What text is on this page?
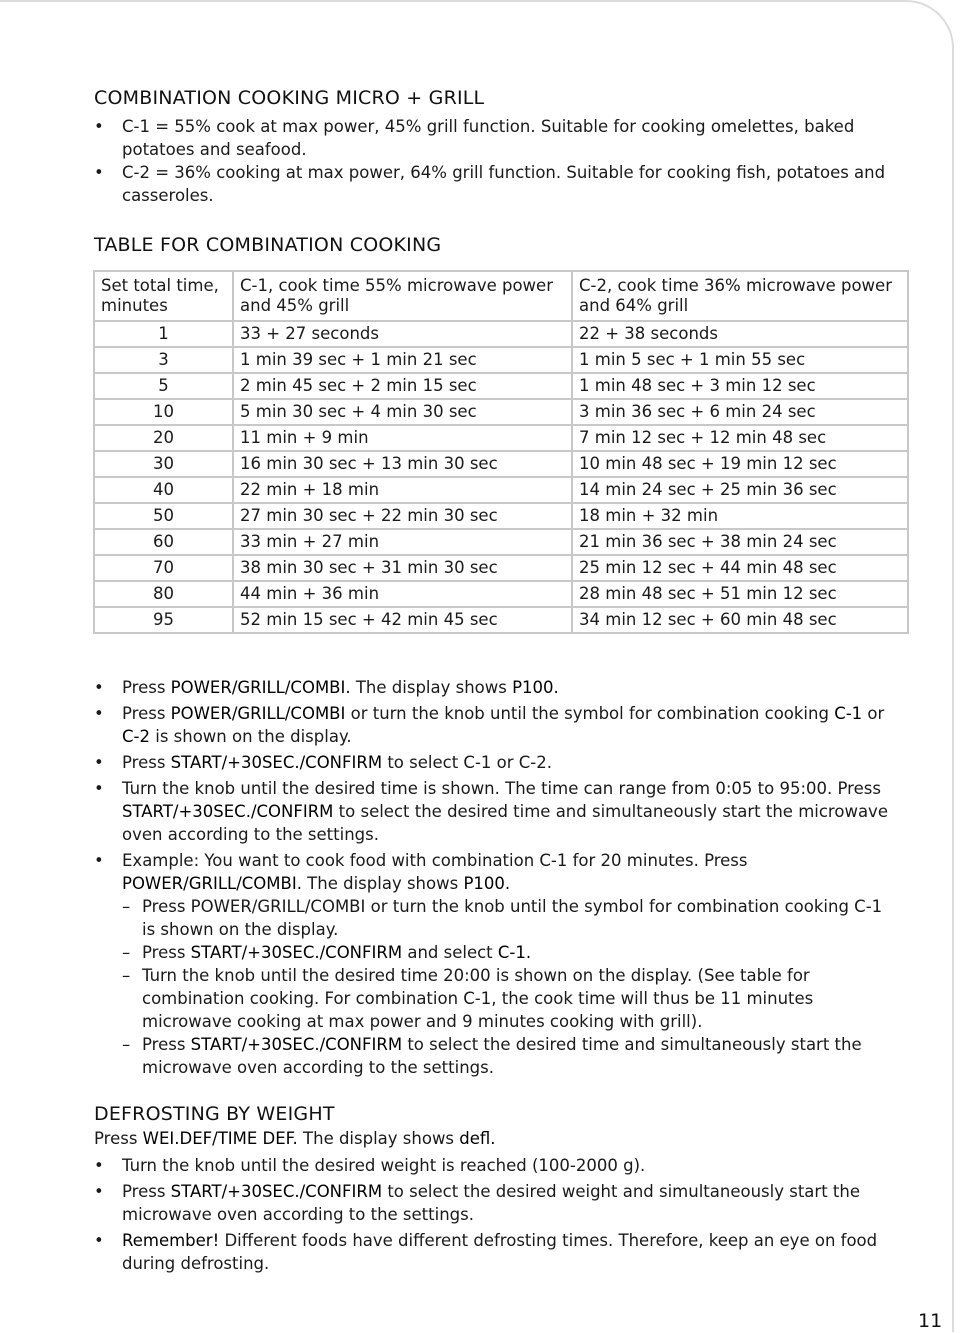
COMBINATION COOKING MICRO + GRILL
• C-1 = 55% cook at max power, 45% grill function. Suitable for cooking omelettes, baked potatoes and seafood.
• C-2 = 36% cooking at max power, 64% grill function. Suitable for cooking fish, potatoes and casseroles.
TABLE FOR COMBINATION COOKING
Set total time, minutes	C-1, cook time 55% microwave power and 45% grill	C-2, cook time 36% microwave power and 64% grill
1	33 + 27 seconds	22 + 38 seconds
3	1 min 39 sec + 1 min 21 sec	1 min 5 sec + 1 min 55 sec
5	2 min 45 sec + 2 min 15 sec	1 min 48 sec + 3 min 12 sec
10	5 min 30 sec + 4 min 30 sec	3 min 36 sec + 6 min 24 sec
20	11 min + 9 min	7 min 12 sec + 12 min 48 sec
30	16 min 30 sec + 13 min 30 sec	10 min 48 sec + 19 min 12 sec
40	22 min + 18 min	14 min 24 sec + 25 min 36 sec
50	27 min 30 sec + 22 min 30 sec	18 min + 32 min
60	33 min + 27 min	21 min 36 sec + 38 min 24 sec
70	38 min 30 sec + 31 min 30 sec	25 min 12 sec + 44 min 48 sec
80	44 min + 36 min	28 min 48 sec + 51 min 12 sec
95	52 min 15 sec + 42 min 45 sec	34 min 12 sec + 60 min 48 sec
• Press POWER/GRILL/COMBI. The display shows P100.
• Press POWER/GRILL/COMBI or turn the knob until the symbol for combination cooking C-1 or C-2 is shown on the display.
• Press START/+30SEC./CONFIRM to select C-1 or C-2.
• Turn the knob until the desired time is shown. The time can range from 0:05 to 95:00. Press START/+30SEC./CONFIRM to select the desired time and simultaneously start the microwave oven according to the settings.
• Example: You want to cook food with combination C-1 for 20 minutes. Press POWER/GRILL/COMBI. The display shows P100.
– Press POWER/GRILL/COMBI or turn the knob until the symbol for combination cooking C-1 is shown on the display.
– Press START/+30SEC./CONFIRM and select C-1.
– Turn the knob until the desired time 20:00 is shown on the display. (See table for combination cooking. For combination C-1, the cook time will thus be 11 minutes microwave cooking at max power and 9 minutes cooking with grill).
– Press START/+30SEC./CONFIRM to select the desired time and simultaneously start the microwave oven according to the settings.
DEFROSTING BY WEIGHT
Press WEI.DEF/TIME DEF. The display shows defl.
• Turn the knob until the desired weight is reached (100-2000 g).
• Press START/+30SEC./CONFIRM to select the desired weight and simultaneously start the microwave oven according to the settings.
• Remember! Different foods have different defrosting times. Therefore, keep an eye on food during defrosting.
11
